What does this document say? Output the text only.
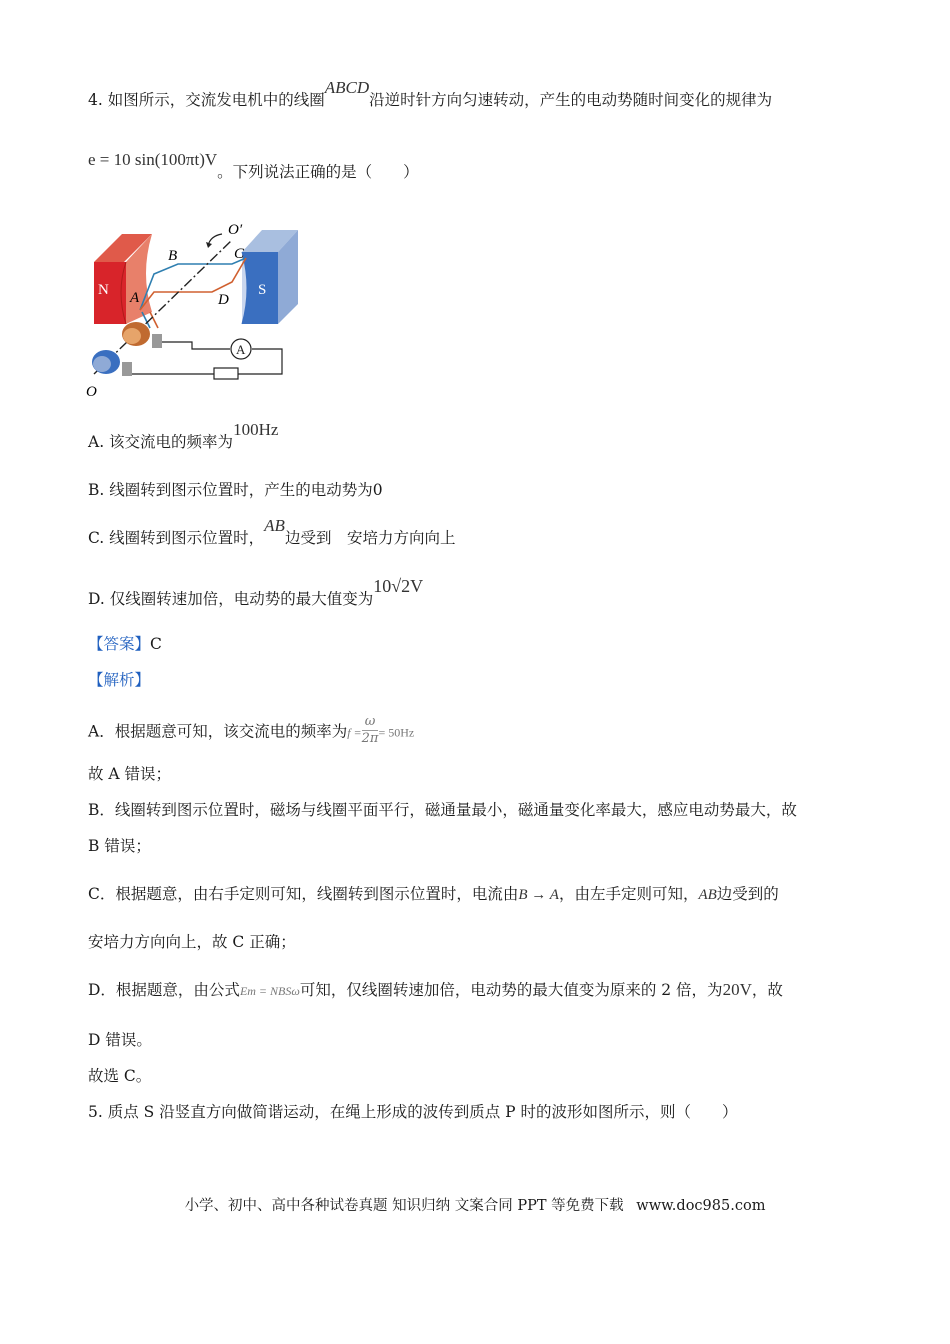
4. 如图所示，交流发电机中的线圈ABCD沿逆时针方向匀速转动，产生的电动势随时间变化的规律为
e = 10 sin(100πt)V。下列说法正确的是（　　）
N	S
A
B
A
C
D
O′
O
A. 该交流电的频率为100Hz
B. 线圈转到图示位置时，产生的电动势为0
C. 线圈转到图示位置时，AB边受到　安培力方向向上
D. 仅线圈转速加倍，电动势的最大值变为10√2V
【答案】C
【解析】
A．根据题意可知，该交流电的频率为$f = \frac{\omega}{2\pi} = 50Hz$
故 A 错误；
B．线圈转到图示位置时，磁场与线圈平面平行，磁通量最小，磁通量变化率最大，感应电动势最大，故
B 错误；
C．根据题意，由右手定则可知，线圈转到图示位置时，电流由B → A，由左手定则可知，AB边受到的
安培力方向向上，故 C 正确；
D．根据题意，由公式Em = NBSω可知，仅线圈转速加倍，电动势的最大值变为原来的 2 倍，为20V，故
D 错误。
故选 C。
5. 质点 S 沿竖直方向做简谐运动，在绳上形成的波传到质点 P 时的波形如图所示，则（　　）
小学、初中、高中各种试卷真题 知识归纳 文案合同 PPT 等免费下载 www.doc985.com
